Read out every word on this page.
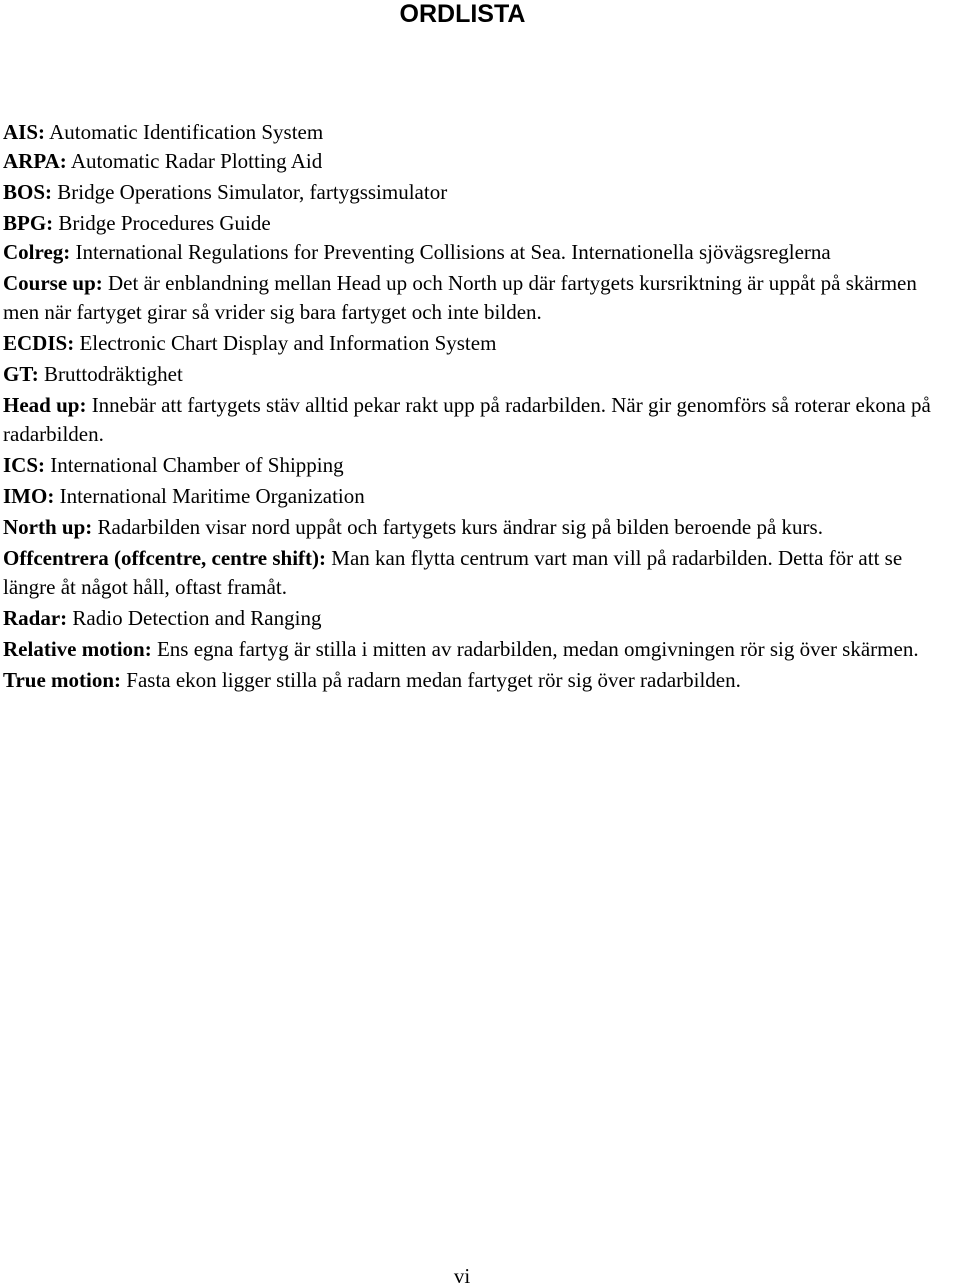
ORDLISTA
AIS: Automatic Identification System
ARPA: Automatic Radar Plotting Aid
BOS: Bridge Operations Simulator, fartygssimulator
BPG: Bridge Procedures Guide
Colreg: International Regulations for Preventing Collisions at Sea. Internationella sjövägsreglerna
Course up: Det är enblandning mellan Head up och North up där fartygets kursriktning är uppåt på skärmen men när fartyget girar så vrider sig bara fartyget och inte bilden.
ECDIS: Electronic Chart Display and Information System
GT: Bruttodräktighet
Head up: Innebär att fartygets stäv alltid pekar rakt upp på radarbilden. När gir genomförs så roterar ekona på radarbilden.
ICS: International Chamber of Shipping
IMO: International Maritime Organization
North up: Radarbilden visar nord uppåt och fartygets kurs ändrar sig på bilden beroende på kurs.
Offcentrera (offcentre, centre shift): Man kan flytta centrum vart man vill på radarbilden. Detta för att se längre åt något håll, oftast framåt.
Radar: Radio Detection and Ranging
Relative motion: Ens egna fartyg är stilla i mitten av radarbilden, medan omgivningen rör sig över skärmen.
True motion: Fasta ekon ligger stilla på radarn medan fartyget rör sig över radarbilden.
vi
